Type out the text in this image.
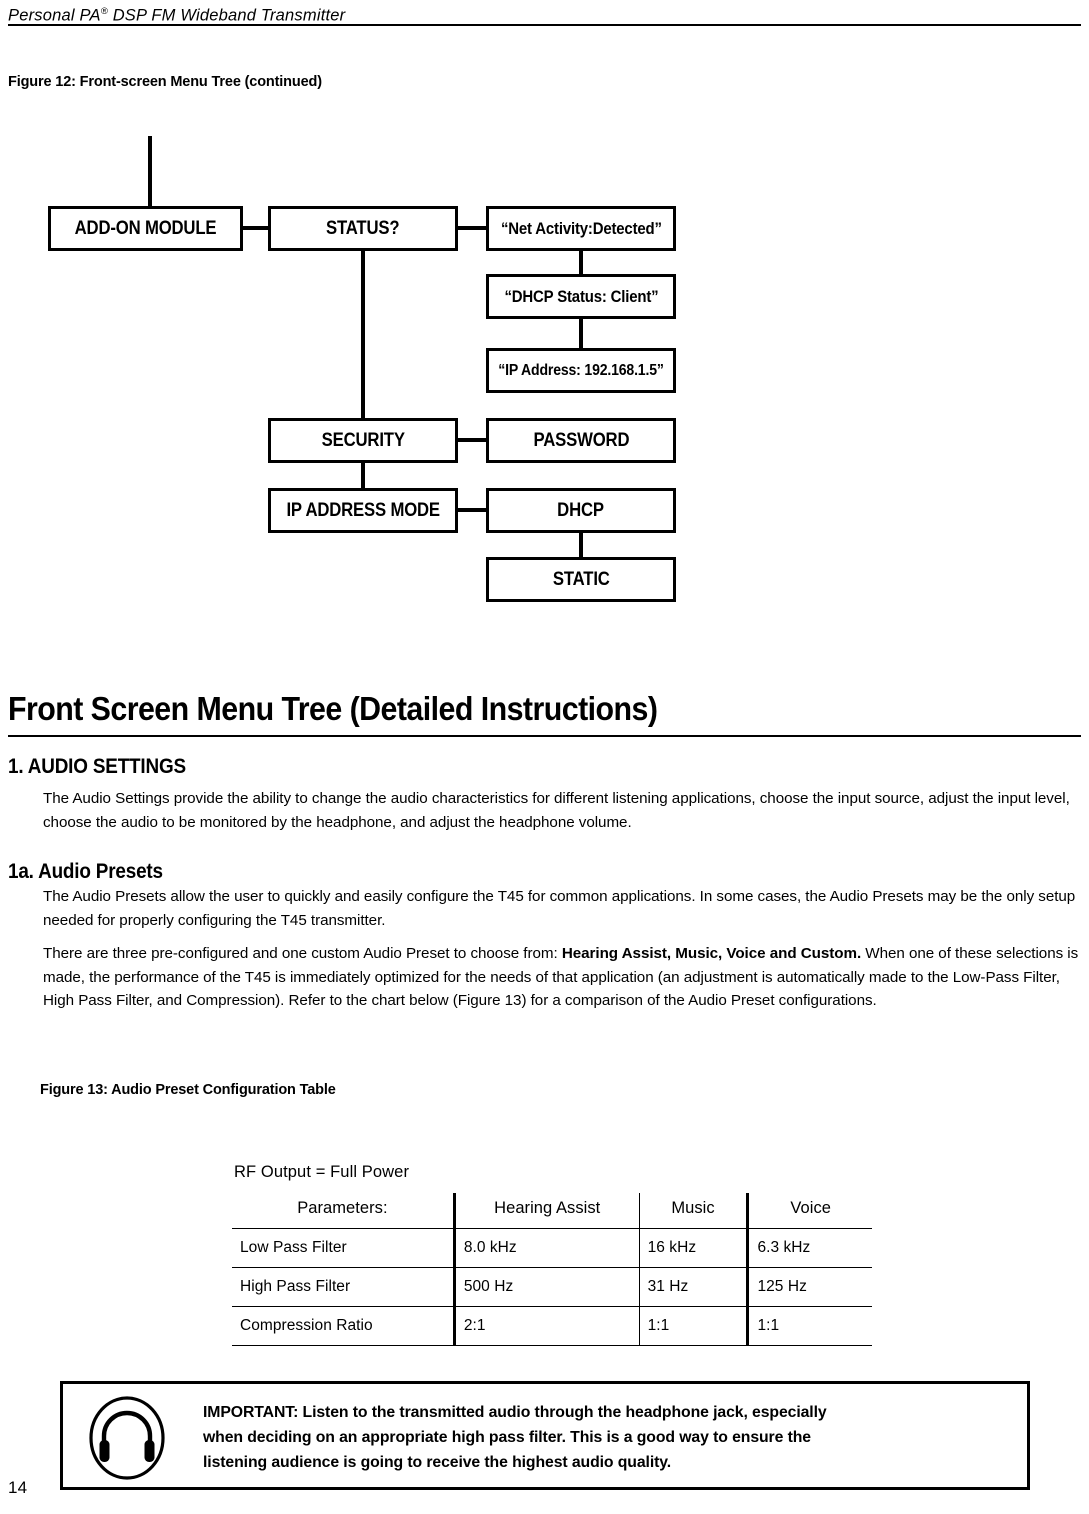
Personal PA® DSP FM Wideband Transmitter
Figure 12: Front-screen Menu Tree (continued)
ADD-ON MODULE	STATUS?	“Net Activity:Detected”
“DHCP Status: Client”
“IP Address: 192.168.1.5”
SECURITY	PASSWORD
IP ADDRESS MODE	DHCP
STATIC
Front Screen Menu Tree (Detailed Instructions)
1. AUDIO SETTINGS

The Audio Settings provide the ability to change the audio characteristics for different listening applications, choose the input source, adjust the input level, choose the audio to be monitored by the headphone, and adjust the headphone volume.

1a. Audio Presets

The Audio Presets allow the user to quickly and easily configure the T45 for common applications. In some cases, the Audio Presets may be the only setup needed for properly configuring the T45 transmitter.

There are three pre-configured and one custom Audio Preset to choose from: Hearing Assist, Music, Voice and Custom. When one of these selections is made, the performance of the T45 is immediately optimized for the needs of that application (an adjustment is automatically made to the Low-Pass Filter, High Pass Filter, and Compression). Refer to the chart below (Figure 13) for a comparison of the Audio Preset configurations.

Figure 13: Audio Preset Configuration Table
RF Output = Full Power
Parameters:	Hearing Assist	Music	Voice
Low Pass Filter	8.0 kHz	16 kHz	6.3 kHz
High Pass Filter	500 Hz	31 Hz	125 Hz
Compression Ratio	2:1	1:1	1:1
IMPORTANT: Listen to the transmitted audio through the headphone jack, especially
when deciding on an appropriate high pass filter. This is a good way to ensure the
listening audience is going to receive the highest audio quality.
14
